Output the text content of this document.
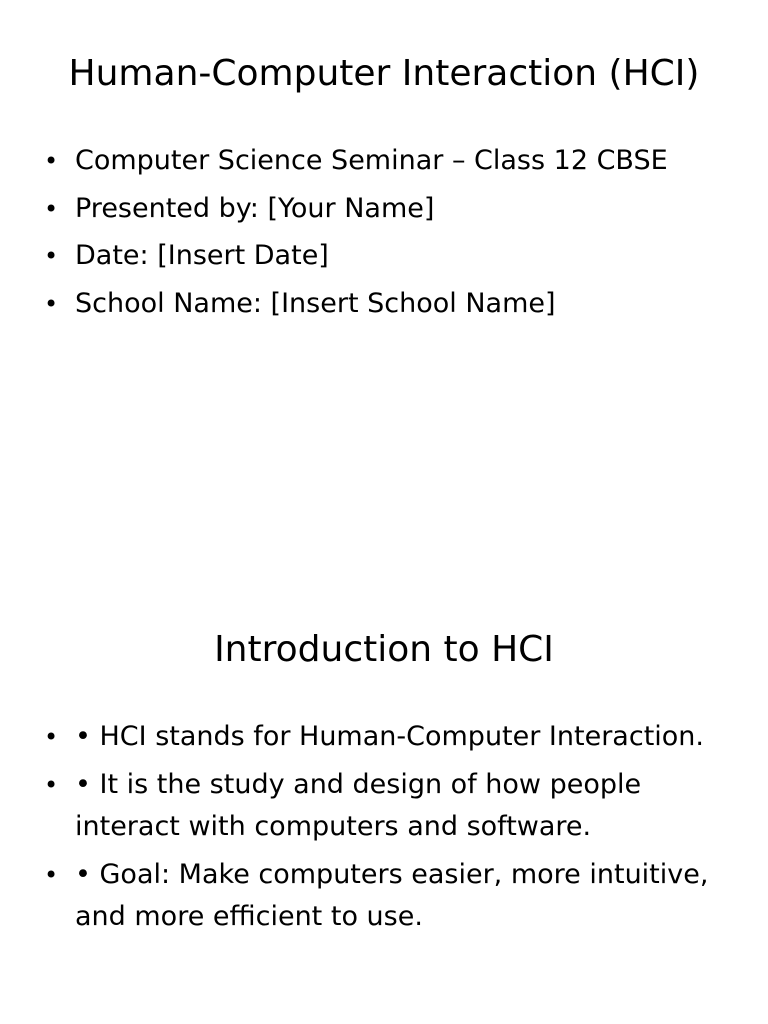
Human-Computer Interaction (HCI)
• Computer Science Seminar – Class 12 CBSE
• Presented by: [Your Name]
• Date: [Insert Date]
• School Name: [Insert School Name]
Introduction to HCI
• • HCI stands for Human-Computer Interaction.
• • It is the study and design of how people interact with computers and software.
• • Goal: Make computers easier, more intuitive, and more efficient to use.
